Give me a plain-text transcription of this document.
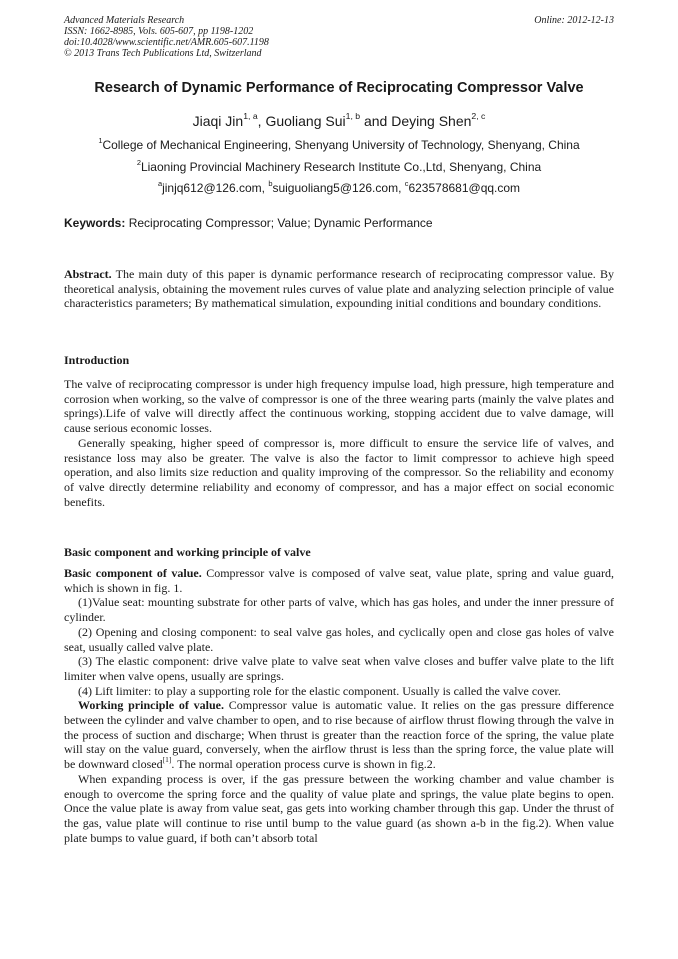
Advanced Materials Research
ISSN: 1662-8985, Vols. 605-607, pp 1198-1202
doi:10.4028/www.scientific.net/AMR.605-607.1198
© 2013 Trans Tech Publications Ltd, Switzerland
Online: 2012-12-13
Research of Dynamic Performance of Reciprocating Compressor Valve
Jiaqi Jin$^{1, a}$, Guoliang Sui$^{1, b}$ and Deying Shen$^{2, c}$
$^1$College of Mechanical Engineering, Shenyang University of Technology, Shenyang, China
$^2$Liaoning Provincial Machinery Research Institute Co.,Ltd, Shenyang, China
$^a$jinjq612@126.com, $^b$suiguoliang5@126.com, $^c$623578681@qq.com
Keywords: Reciprocating Compressor; Value; Dynamic Performance

Abstract. The main duty of this paper is dynamic performance research of reciprocating compressor value. By theoretical analysis, obtaining the movement rules curves of value plate and analyzing selection principle of value characteristics parameters; By mathematical simulation, expounding initial conditions and boundary conditions.

Introduction

The valve of reciprocating compressor is under high frequency impulse load, high pressure, high temperature and corrosion when working, so the valve of compressor is one of the three wearing parts (mainly the valve plates and springs).Life of valve will directly affect the continuous working, stopping accident due to valve damage, will cause serious economic losses.

Generally speaking, higher speed of compressor is, more difficult to ensure the service life of valves, and resistance loss may also be greater. The valve is also the factor to limit compressor to achieve high speed operation, and also limits size reduction and quality improving of the compressor. So the reliability and economy of valve directly determine reliability and economy of compressor, and has a major effect on social economic benefits.

Basic component and working principle of valve

Basic component of value. Compressor valve is composed of valve seat, value plate, spring and value guard, which is shown in fig. 1.

(1)Value seat: mounting substrate for other parts of valve, which has gas holes, and under the inner pressure of cylinder.

(2) Opening and closing component: to seal valve gas holes, and cyclically open and close gas holes of valve seat, usually called valve plate.

(3) The elastic component: drive valve plate to valve seat when valve closes and buffer valve plate to the lift limiter when valve opens, usually are springs.

(4) Lift limiter: to play a supporting role for the elastic component. Usually is called the valve cover.

Working principle of value. Compressor value is automatic value. It relies on the gas pressure difference between the cylinder and valve chamber to open, and to rise because of airflow thrust flowing through the valve in the process of suction and discharge; When thrust is greater than the reaction force of the spring, the value plate will stay on the value guard, conversely, when the airflow thrust is less than the spring force, the value plate will be downward closed[1]. The normal operation process curve is shown in fig.2.

When expanding process is over, if the gas pressure between the working chamber and value chamber is enough to overcome the spring force and the quality of value plate and springs, the value plate begins to open. Once the value plate is away from value seat, gas gets into working chamber through this gap. Under the thrust of the gas, value plate will continue to rise until bump to the value guard (as shown a-b in the fig.2). When value plate bumps to value guard, if both can’t absorb total
